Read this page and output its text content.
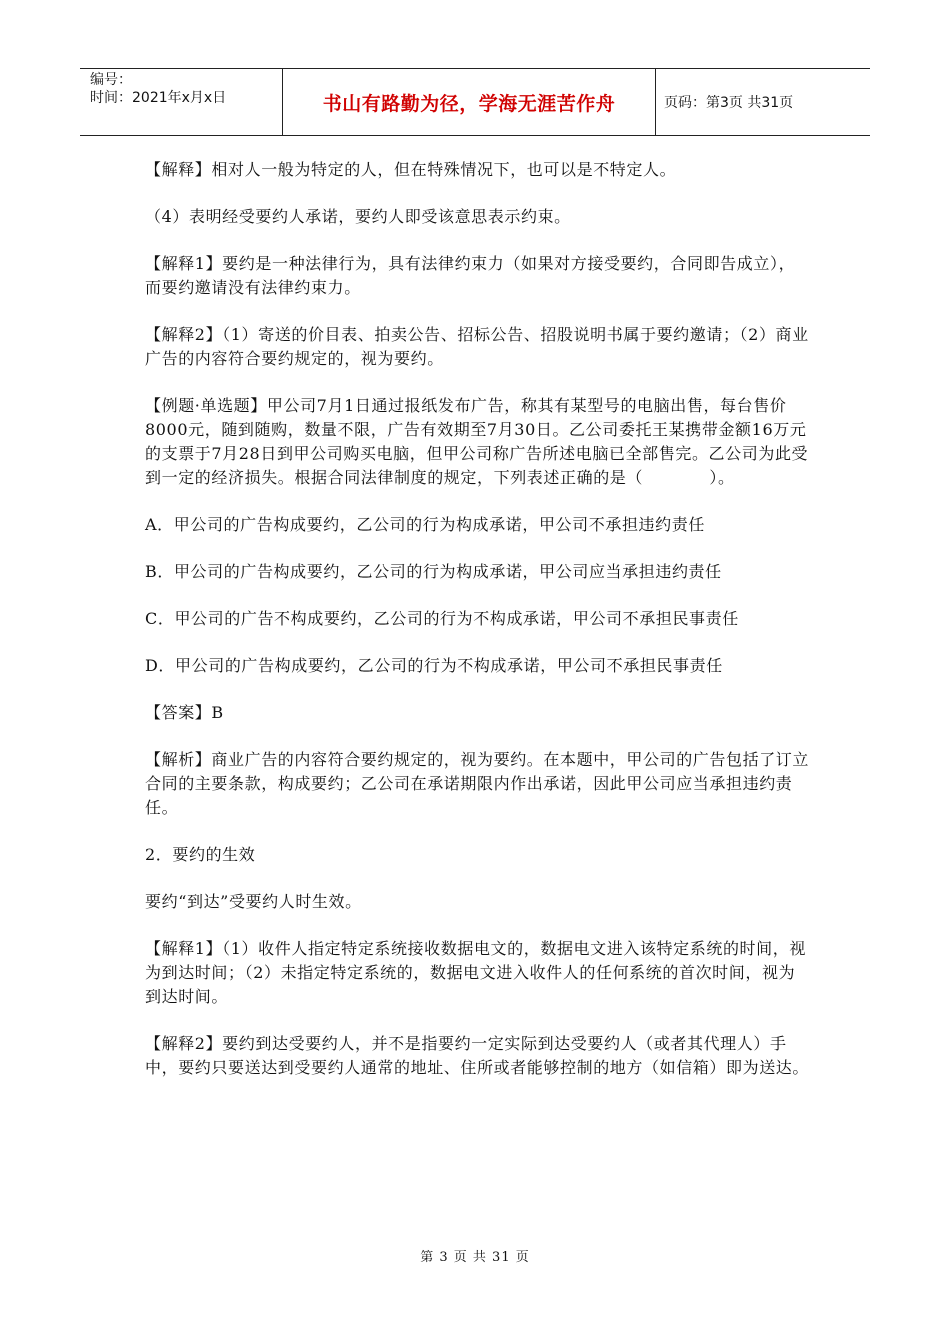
编号：
时间：2021年x月x日	书山有路勤为径，学海无涯苦作舟	页码：第3页 共31页

【解释】相对人一般为特定的人，但在特殊情况下，也可以是不特定人。

（4）表明经受要约人承诺，要约人即受该意思表示约束。

【解释1】要约是一种法律行为，具有法律约束力（如果对方接受要约，合同即告成立），而要约邀请没有法律约束力。

【解释2】（1）寄送的价目表、拍卖公告、招标公告、招股说明书属于要约邀请；（2）商业广告的内容符合要约规定的，视为要约。

【例题·单选题】甲公司7月1日通过报纸发布广告，称其有某型号的电脑出售，每台售价8000元，随到随购，数量不限，广告有效期至7月30日。乙公司委托王某携带金额16万元的支票于7月28日到甲公司购买电脑，但甲公司称广告所述电脑已全部售完。乙公司为此受到一定的经济损失。根据合同法律制度的规定，下列表述正确的是（　　　　）。

A．甲公司的广告构成要约，乙公司的行为构成承诺，甲公司不承担违约责任

B．甲公司的广告构成要约，乙公司的行为构成承诺，甲公司应当承担违约责任

C．甲公司的广告不构成要约，乙公司的行为不构成承诺，甲公司不承担民事责任

D．甲公司的广告构成要约，乙公司的行为不构成承诺，甲公司不承担民事责任

【答案】B

【解析】商业广告的内容符合要约规定的，视为要约。在本题中，甲公司的广告包括了订立合同的主要条款，构成要约；乙公司在承诺期限内作出承诺，因此甲公司应当承担违约责任。

2．要约的生效

要约“到达”受要约人时生效。

【解释1】（1）收件人指定特定系统接收数据电文的，数据电文进入该特定系统的时间，视为到达时间；（2）未指定特定系统的，数据电文进入收件人的任何系统的首次时间，视为到达时间。

【解释2】要约到达受要约人，并不是指要约一定实际到达受要约人（或者其代理人）手中，要约只要送达到受要约人通常的地址、住所或者能够控制的地方（如信箱）即为送达。

第 3 页 共 31 页
